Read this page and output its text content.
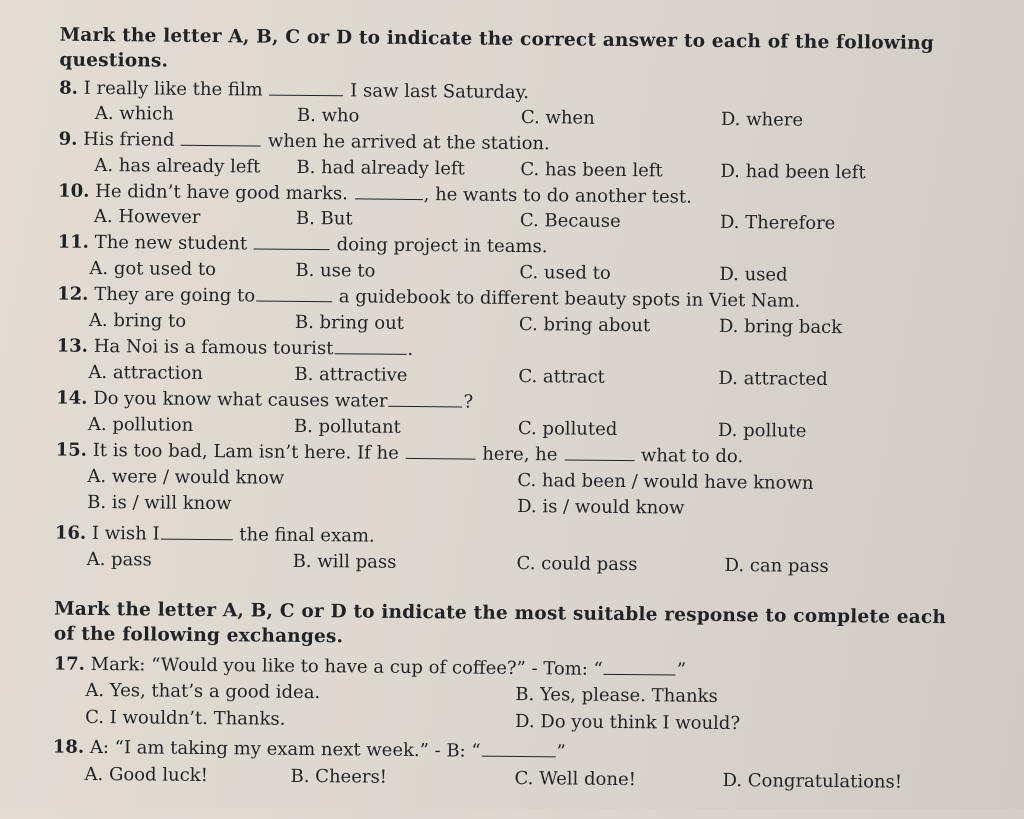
Mark the letter A, B, C or D to indicate the correct answer to each of the following questions.
8. I really like the film	I saw last Saturday.
A. which	B. who	C. when	D. where
9. His friend	when he arrived at the station.
A. has already left B. had already left	C. has been left	D. had been left
10. He didn’t have good marks.	, he wants to do another test.
A. However	B. But	C. Because	D. Therefore
11. The new student	doing project in teams.
A. got used to	B. use to	C. used to	D. used
12. They are going to	a guidebook to different beauty spots in Viet Nam.
A. bring to	B. bring out	C. bring about	D. bring back
13. Ha Noi is a famous tourist	.
A. attraction	B. attractive	C. attract	D. attracted
14. Do you know what causes water	?
A. pollution	B. pollutant	C. polluted	D. pollute
15. It is too bad, Lam isn’t here. If he	here, he	what to do.
A. were / would know	C. had been / would have known
B. is / will know	D. is / would know
16. I wish I	the final exam.
A. pass	B. will pass	C. could pass	D. can pass
Mark the letter A, B, C or D to indicate the most suitable response to complete each of the following exchanges.
17. Mark: “Would you like to have a cup of coffee?” - Tom: “	”
A. Yes, that’s a good idea.	B. Yes, please. Thanks
C. I wouldn’t. Thanks.	D. Do you think I would?
18. A: “I am taking my exam next week.” - B: “	”
A. Good luck!	B. Cheers!	C. Well done!	D. Congratulations!
